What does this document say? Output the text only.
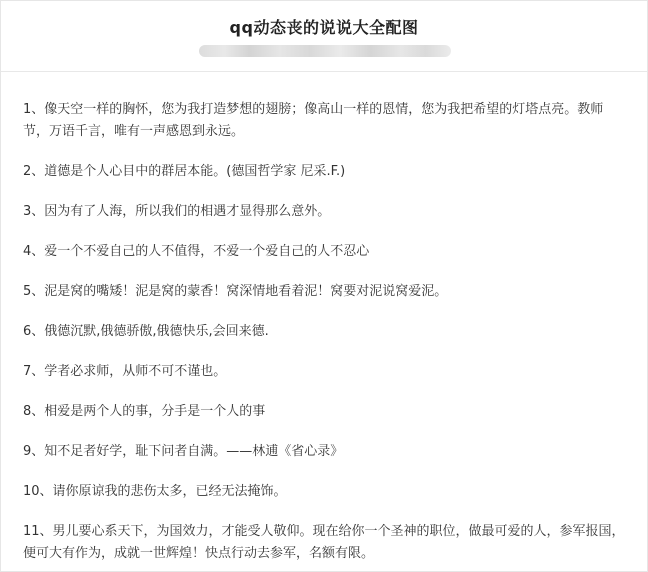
qq动态丧的说说大全配图

1、像天空一样的胸怀，您为我打造梦想的翅膀；像高山一样的恩情，您为我把希望的灯塔点亮。教师节，万语千言，唯有一声感恩到永远。

2、道德是个人心目中的群居本能。(德国哲学家 尼采.F.)

3、因为有了人海，所以我们的相遇才显得那么意外。

4、爱一个不爱自己的人不值得，不爱一个爱自己的人不忍心

5、泥是窝的嘴矮！泥是窝的蒙香！窝深情地看着泥！窝要对泥说窝爱泥。

6、俄德沉默,俄德骄傲,俄德快乐,会回来德.

7、学者必求师，从师不可不谨也。

8、相爱是两个人的事，分手是一个人的事

9、知不足者好学，耻下问者自满。——林逋《省心录》

10、请你原谅我的悲伤太多，已经无法掩饰。

11、男儿要心系天下，为国效力，才能受人敬仰。现在给你一个圣神的职位，做最可爱的人，参军报国，便可大有作为，成就一世辉煌！快点行动去参军，名额有限。
